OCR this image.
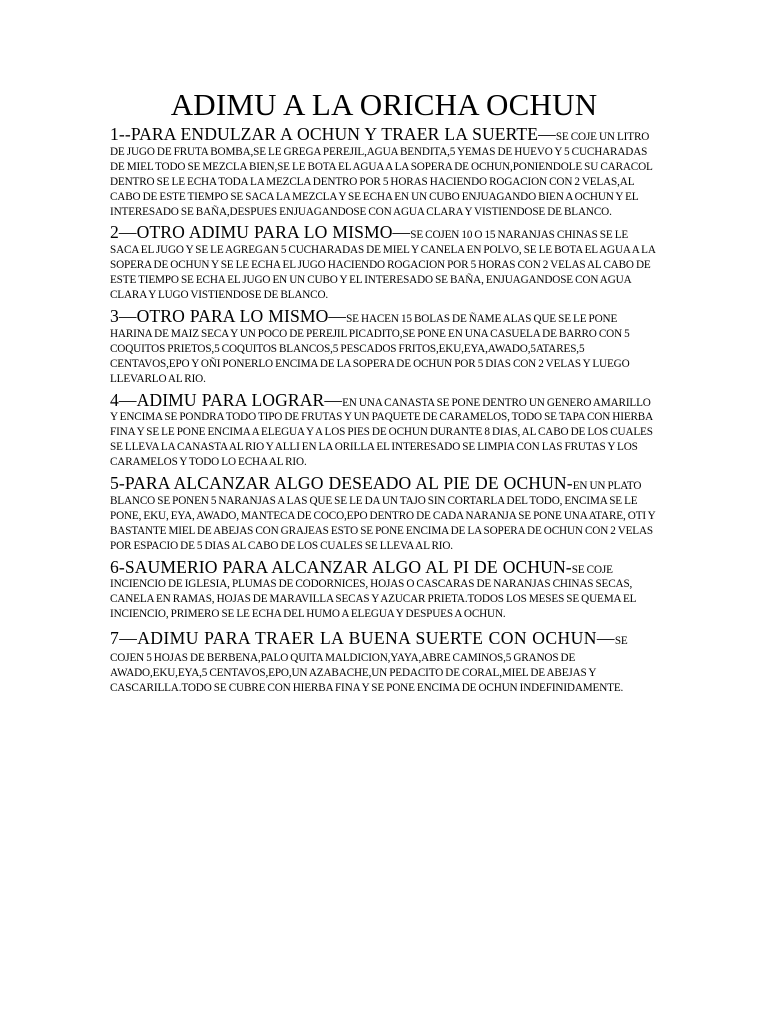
ADIMU A LA ORICHA OCHUN

1--PARA ENDULZAR A OCHUN Y TRAER LA SUERTE—SE COJE UN LITRO DE JUGO DE FRUTA BOMBA,SE LE GREGA PEREJIL,AGUA BENDITA,5 YEMAS DE HUEVO Y 5 CUCHARADAS DE MIEL TODO SE MEZCLA BIEN,SE LE BOTA EL AGUA A LA SOPERA DE OCHUN,PONIENDOLE SU CARACOL DENTRO SE LE ECHA TODA LA MEZCLA DENTRO POR 5 HORAS HACIENDO ROGACION CON 2 VELAS,AL CABO DE ESTE TIEMPO SE SACA LA MEZCLA Y SE ECHA EN UN CUBO ENJUAGANDO BIEN A OCHUN Y EL INTERESADO SE BAÑA,DESPUES ENJUAGANDOSE CON AGUA CLARA Y VISTIENDOSE DE BLANCO.

2—OTRO ADIMU PARA LO MISMO—SE COJEN 10 O 15 NARANJAS CHINAS SE LE SACA EL JUGO Y SE LE AGREGAN 5 CUCHARADAS DE MIEL Y CANELA EN POLVO, SE LE BOTA EL AGUA A LA SOPERA DE OCHUN Y SE LE ECHA EL JUGO HACIENDO ROGACION POR 5 HORAS CON 2 VELAS AL CABO DE ESTE TIEMPO SE ECHA EL JUGO EN UN CUBO Y EL INTERESADO SE BAÑA, ENJUAGANDOSE CON AGUA CLARA Y LUGO VISTIENDOSE DE BLANCO.

3—OTRO PARA LO MISMO—SE HACEN 15 BOLAS DE ÑAME ALAS QUE SE LE PONE HARINA DE MAIZ SECA Y UN POCO DE PEREJIL PICADITO,SE PONE EN UNA CASUELA DE BARRO CON 5 COQUITOS PRIETOS,5 COQUITOS BLANCOS,5 PESCADOS FRITOS,EKU,EYA,AWADO,5ATARES,5 CENTAVOS,EPO Y OÑI PONERLO ENCIMA DE LA SOPERA DE OCHUN POR 5 DIAS CON 2 VELAS Y LUEGO LLEVARLO AL RIO.

4—ADIMU PARA LOGRAR—EN UNA CANASTA SE PONE DENTRO UN GENERO AMARILLO Y ENCIMA SE PONDRA TODO TIPO DE FRUTAS Y UN PAQUETE DE CARAMELOS, TODO SE TAPA CON HIERBA FINA Y SE LE PONE ENCIMA A ELEGUA Y A LOS PIES DE OCHUN DURANTE 8 DIAS, AL CABO DE LOS CUALES SE LLEVA LA CANASTA AL RIO Y ALLI EN LA ORILLA EL INTERESADO SE LIMPIA CON LAS FRUTAS Y LOS CARAMELOS Y TODO LO ECHA AL RIO.

5-PARA ALCANZAR ALGO DESEADO AL PIE DE OCHUN-EN UN PLATO BLANCO SE PONEN 5 NARANJAS A LAS QUE SE LE DA UN TAJO SIN CORTARLA DEL TODO, ENCIMA SE LE PONE, EKU, EYA, AWADO, MANTECA DE COCO,EPO DENTRO DE CADA NARANJA SE PONE UNA ATARE, OTI Y BASTANTE MIEL DE ABEJAS CON GRAJEAS ESTO SE PONE ENCIMA DE LA SOPERA DE OCHUN CON 2 VELAS POR ESPACIO DE 5 DIAS AL CABO DE LOS CUALES SE LLEVA AL RIO.

6-SAUMERIO PARA ALCANZAR ALGO AL PI DE OCHUN-SE COJE INCIENCIO DE IGLESIA, PLUMAS DE CODORNICES, HOJAS O CASCARAS DE NARANJAS CHINAS SECAS, CANELA EN RAMAS, HOJAS DE MARAVILLA SECAS Y AZUCAR PRIETA.TODOS LOS MESES SE QUEMA EL INCIENCIO, PRIMERO SE LE ECHA DEL HUMO A ELEGUA Y DESPUES A OCHUN.

7—ADIMU PARA TRAER LA BUENA SUERTE CON OCHUN—SE COJEN 5 HOJAS DE BERBENA,PALO QUITA MALDICION,YAYA,ABRE CAMINOS,5 GRANOS DE AWADO,EKU,EYA,5 CENTAVOS,EPO,UN AZABACHE,UN PEDACITO DE CORAL,MIEL DE ABEJAS Y CASCARILLA.TODO SE CUBRE CON HIERBA FINA Y SE PONE ENCIMA DE OCHUN INDEFINIDAMENTE.
